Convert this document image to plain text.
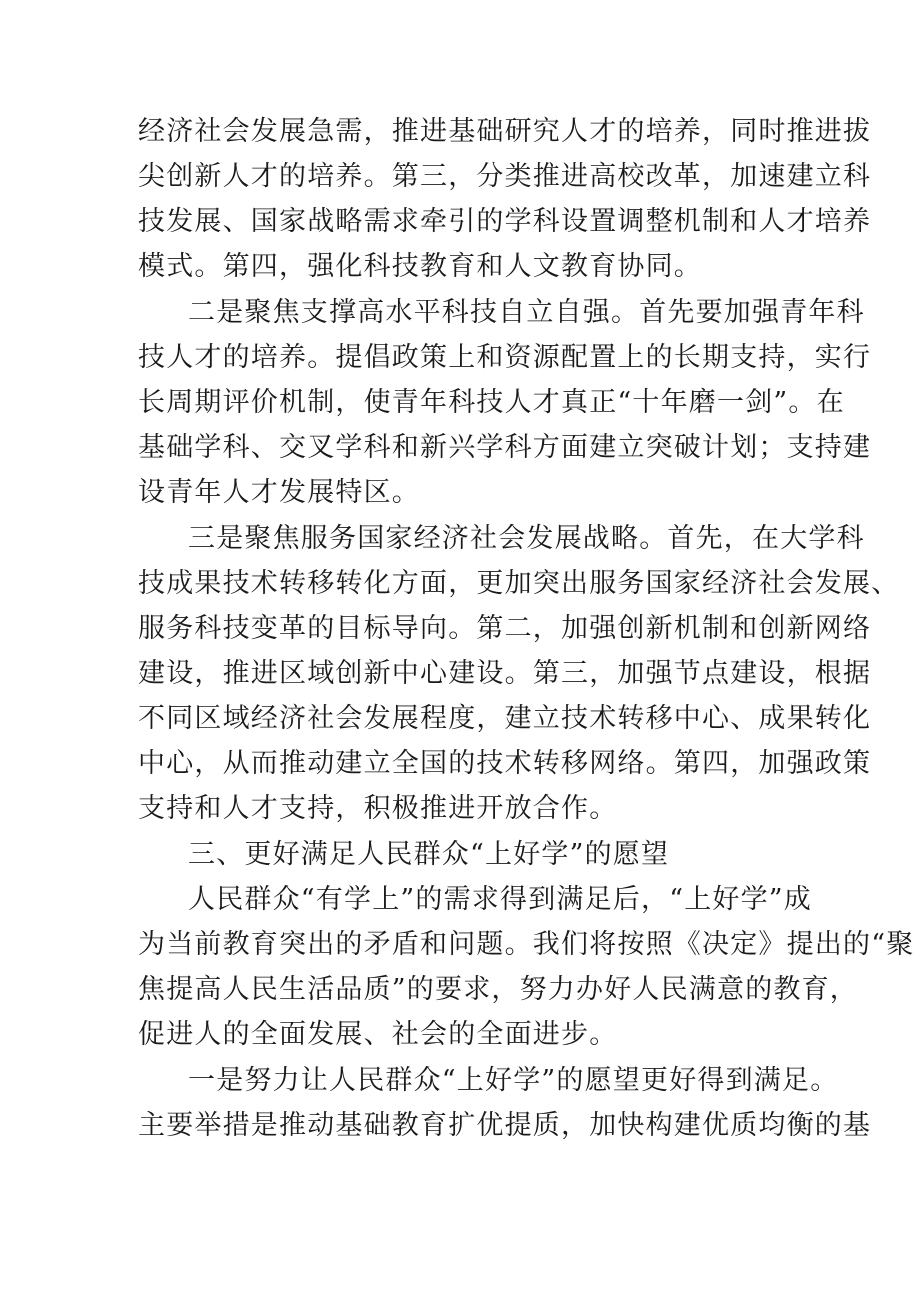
经济社会发展急需，推进基础研究人才的培养，同时推进拔
尖创新人才的培养。第三，分类推进高校改革，加速建立科
技发展、国家战略需求牵引的学科设置调整机制和人才培养
模式。第四，强化科技教育和人文教育协同。
二是聚焦支撑高水平科技自立自强。首先要加强青年科
技人才的培养。提倡政策上和资源配置上的长期支持，实行
长周期评价机制，使青年科技人才真正“十年磨一剑”。在
基础学科、交叉学科和新兴学科方面建立突破计划；支持建
设青年人才发展特区。
三是聚焦服务国家经济社会发展战略。首先，在大学科
技成果技术转移转化方面，更加突出服务国家经济社会发展、
服务科技变革的目标导向。第二，加强创新机制和创新网络
建设，推进区域创新中心建设。第三，加强节点建设，根据
不同区域经济社会发展程度，建立技术转移中心、成果转化
中心，从而推动建立全国的技术转移网络。第四，加强政策
支持和人才支持，积极推进开放合作。
三、更好满足人民群众“上好学”的愿望
人民群众“有学上”的需求得到满足后，“上好学”成
为当前教育突出的矛盾和问题。我们将按照《决定》提出的“聚
焦提高人民生活品质”的要求，努力办好人民满意的教育，
促进人的全面发展、社会的全面进步。
一是努力让人民群众“上好学”的愿望更好得到满足。
主要举措是推动基础教育扩优提质，加快构建优质均衡的基
